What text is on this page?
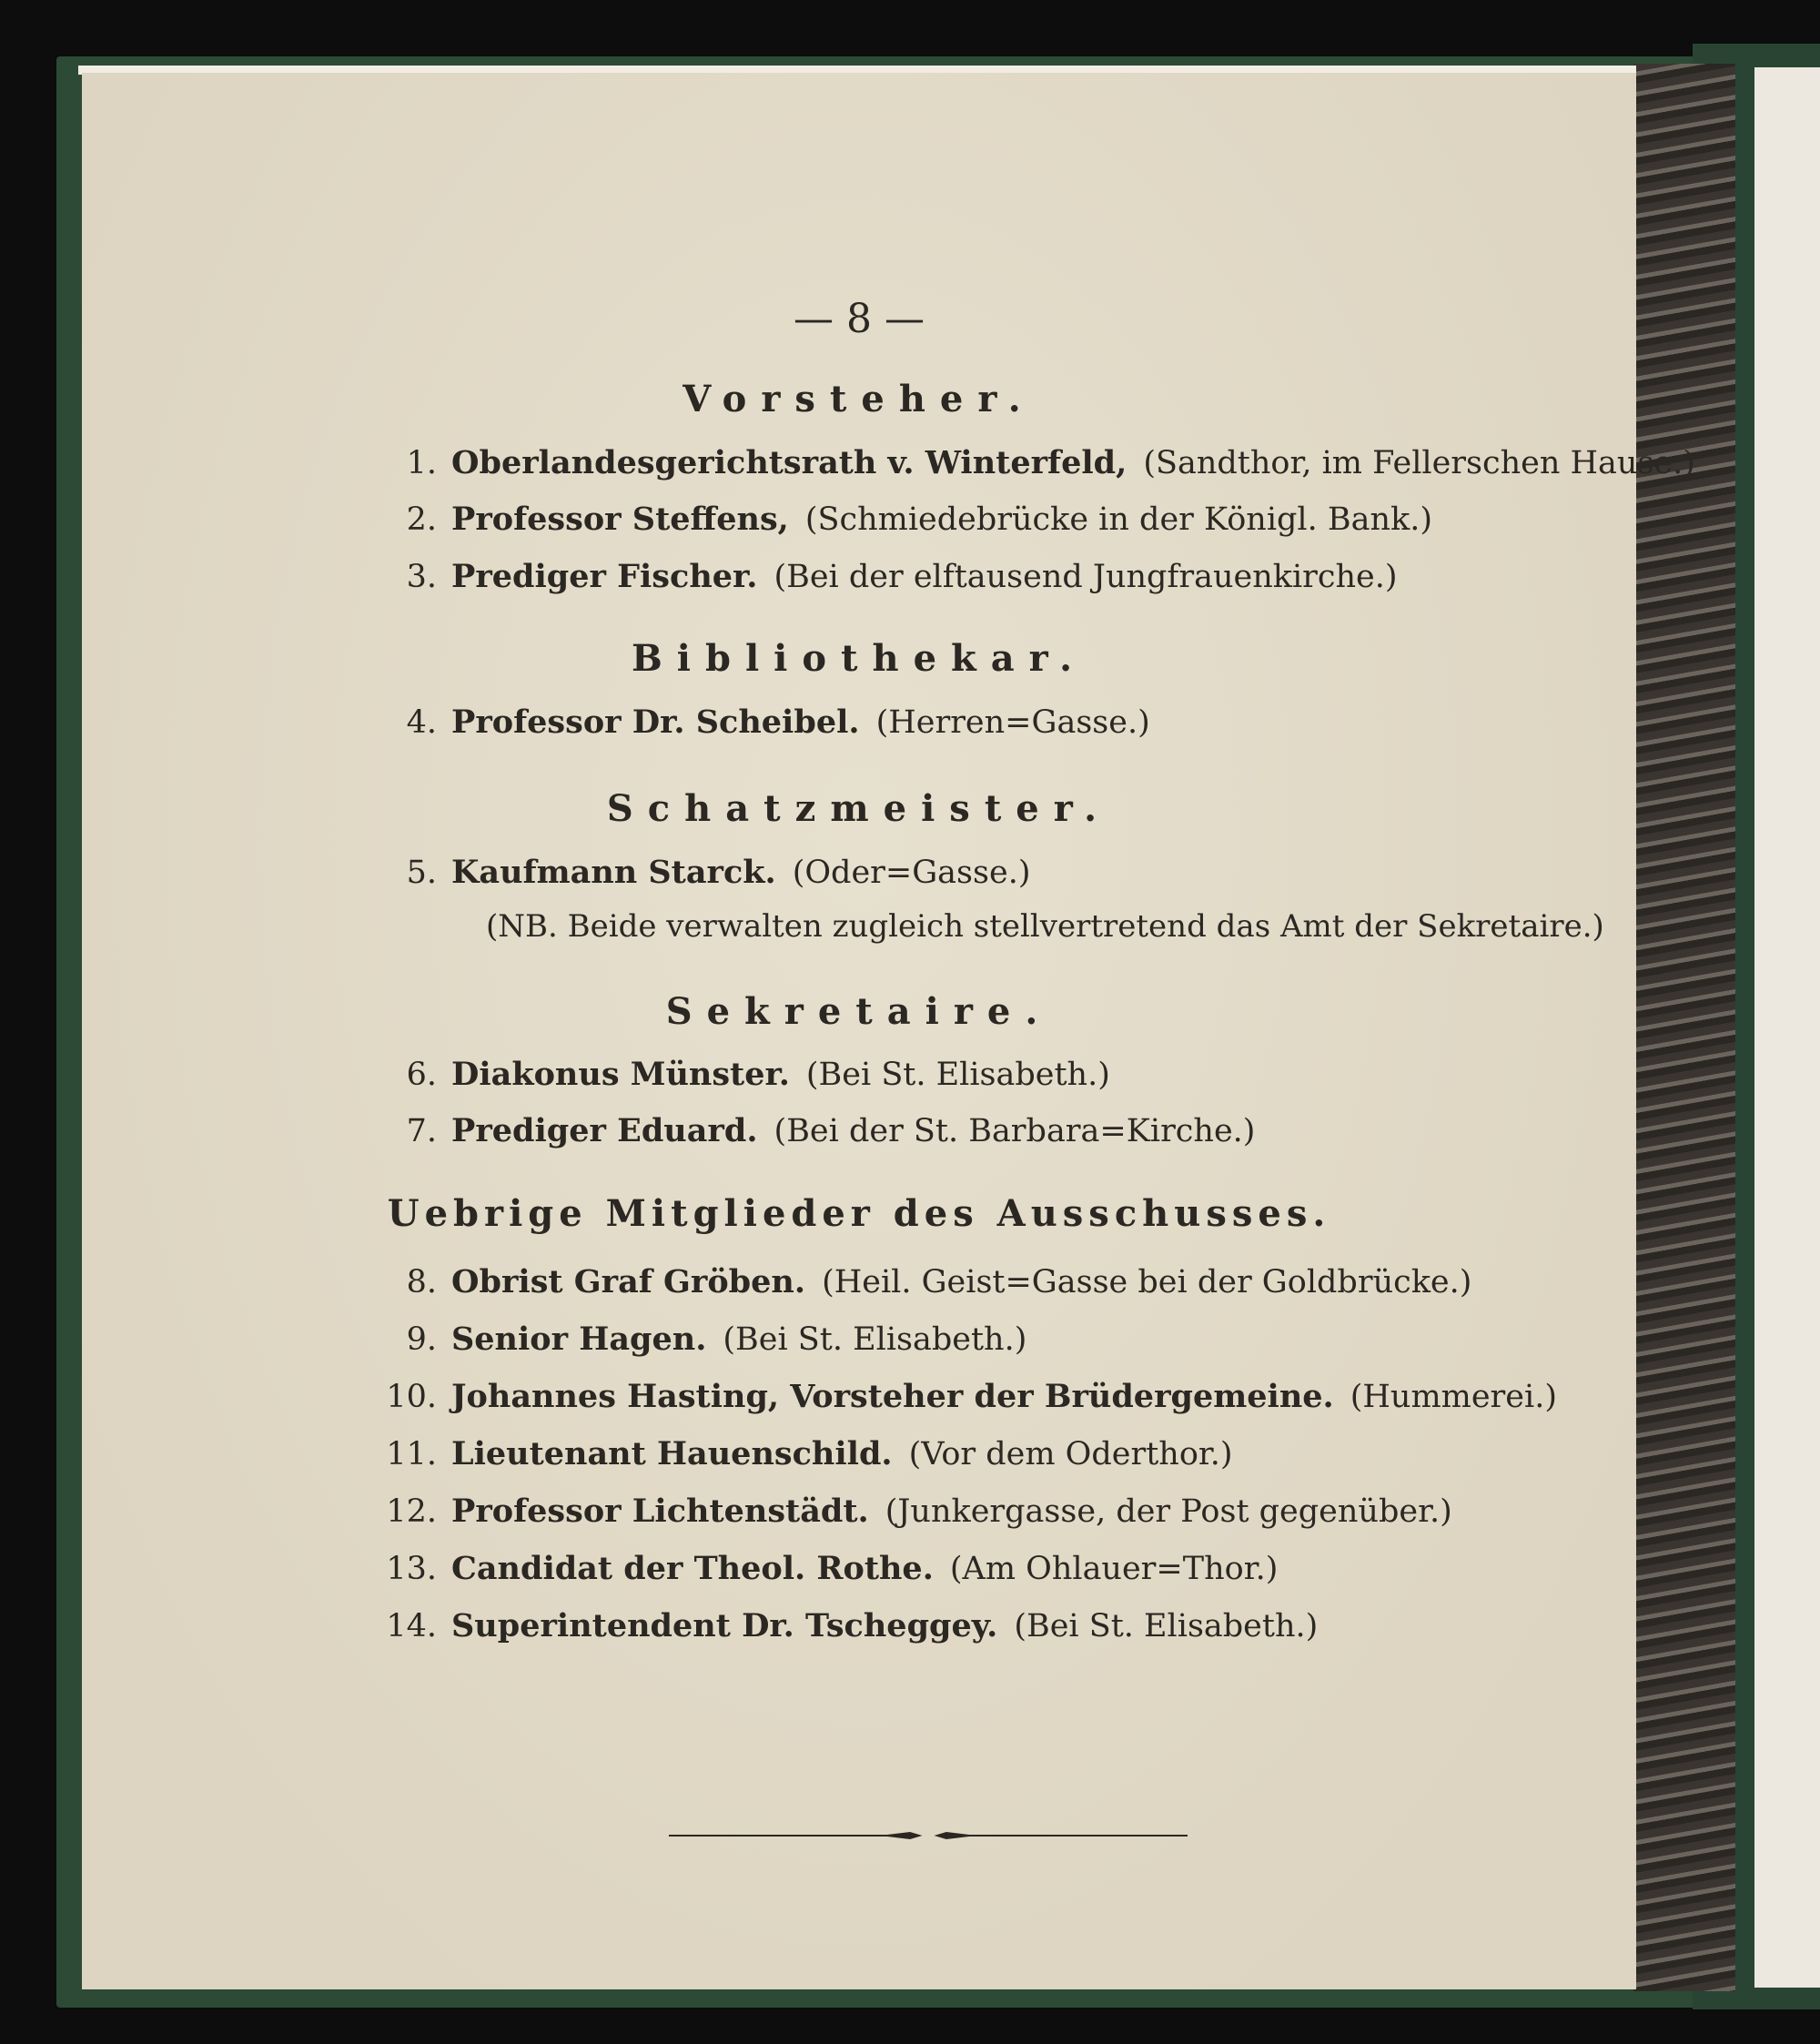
— 8 —
Vorsteher.
1. Oberlandesgerichtsrath v. Winterfeld, (Sandthor, im Fellerschen Hause.)
2. Professor Steffens, (Schmiedebrücke in der Königl. Bank.)
3. Prediger Fischer. (Bei der elftausend Jungfrauenkirche.)
Bibliothekar.
4. Professor Dr. Scheibel. (Herren=Gasse.)
Schatzmeister.
5. Kaufmann Starck. (Oder=Gasse.)
(NB. Beide verwalten zugleich stellvertretend das Amt der Sekretaire.)
Sekretaire.
6. Diakonus Münster. (Bei St. Elisabeth.)
7. Prediger Eduard. (Bei der St. Barbara=Kirche.)
Uebrige Mitglieder des Ausschusses.
8. Obrist Graf Gröben. (Heil. Geist=Gasse bei der Goldbrücke.)
9. Senior Hagen. (Bei St. Elisabeth.)
10. Johannes Hasting, Vorsteher der Brüdergemeine. (Hummerei.)
11. Lieutenant Hauenschild. (Vor dem Oderthor.)
12. Professor Lichtenstädt. (Junkergasse, der Post gegenüber.)
13. Candidat der Theol. Rothe. (Am Ohlauer=Thor.)
14. Superintendent Dr. Tscheggey. (Bei St. Elisabeth.)
